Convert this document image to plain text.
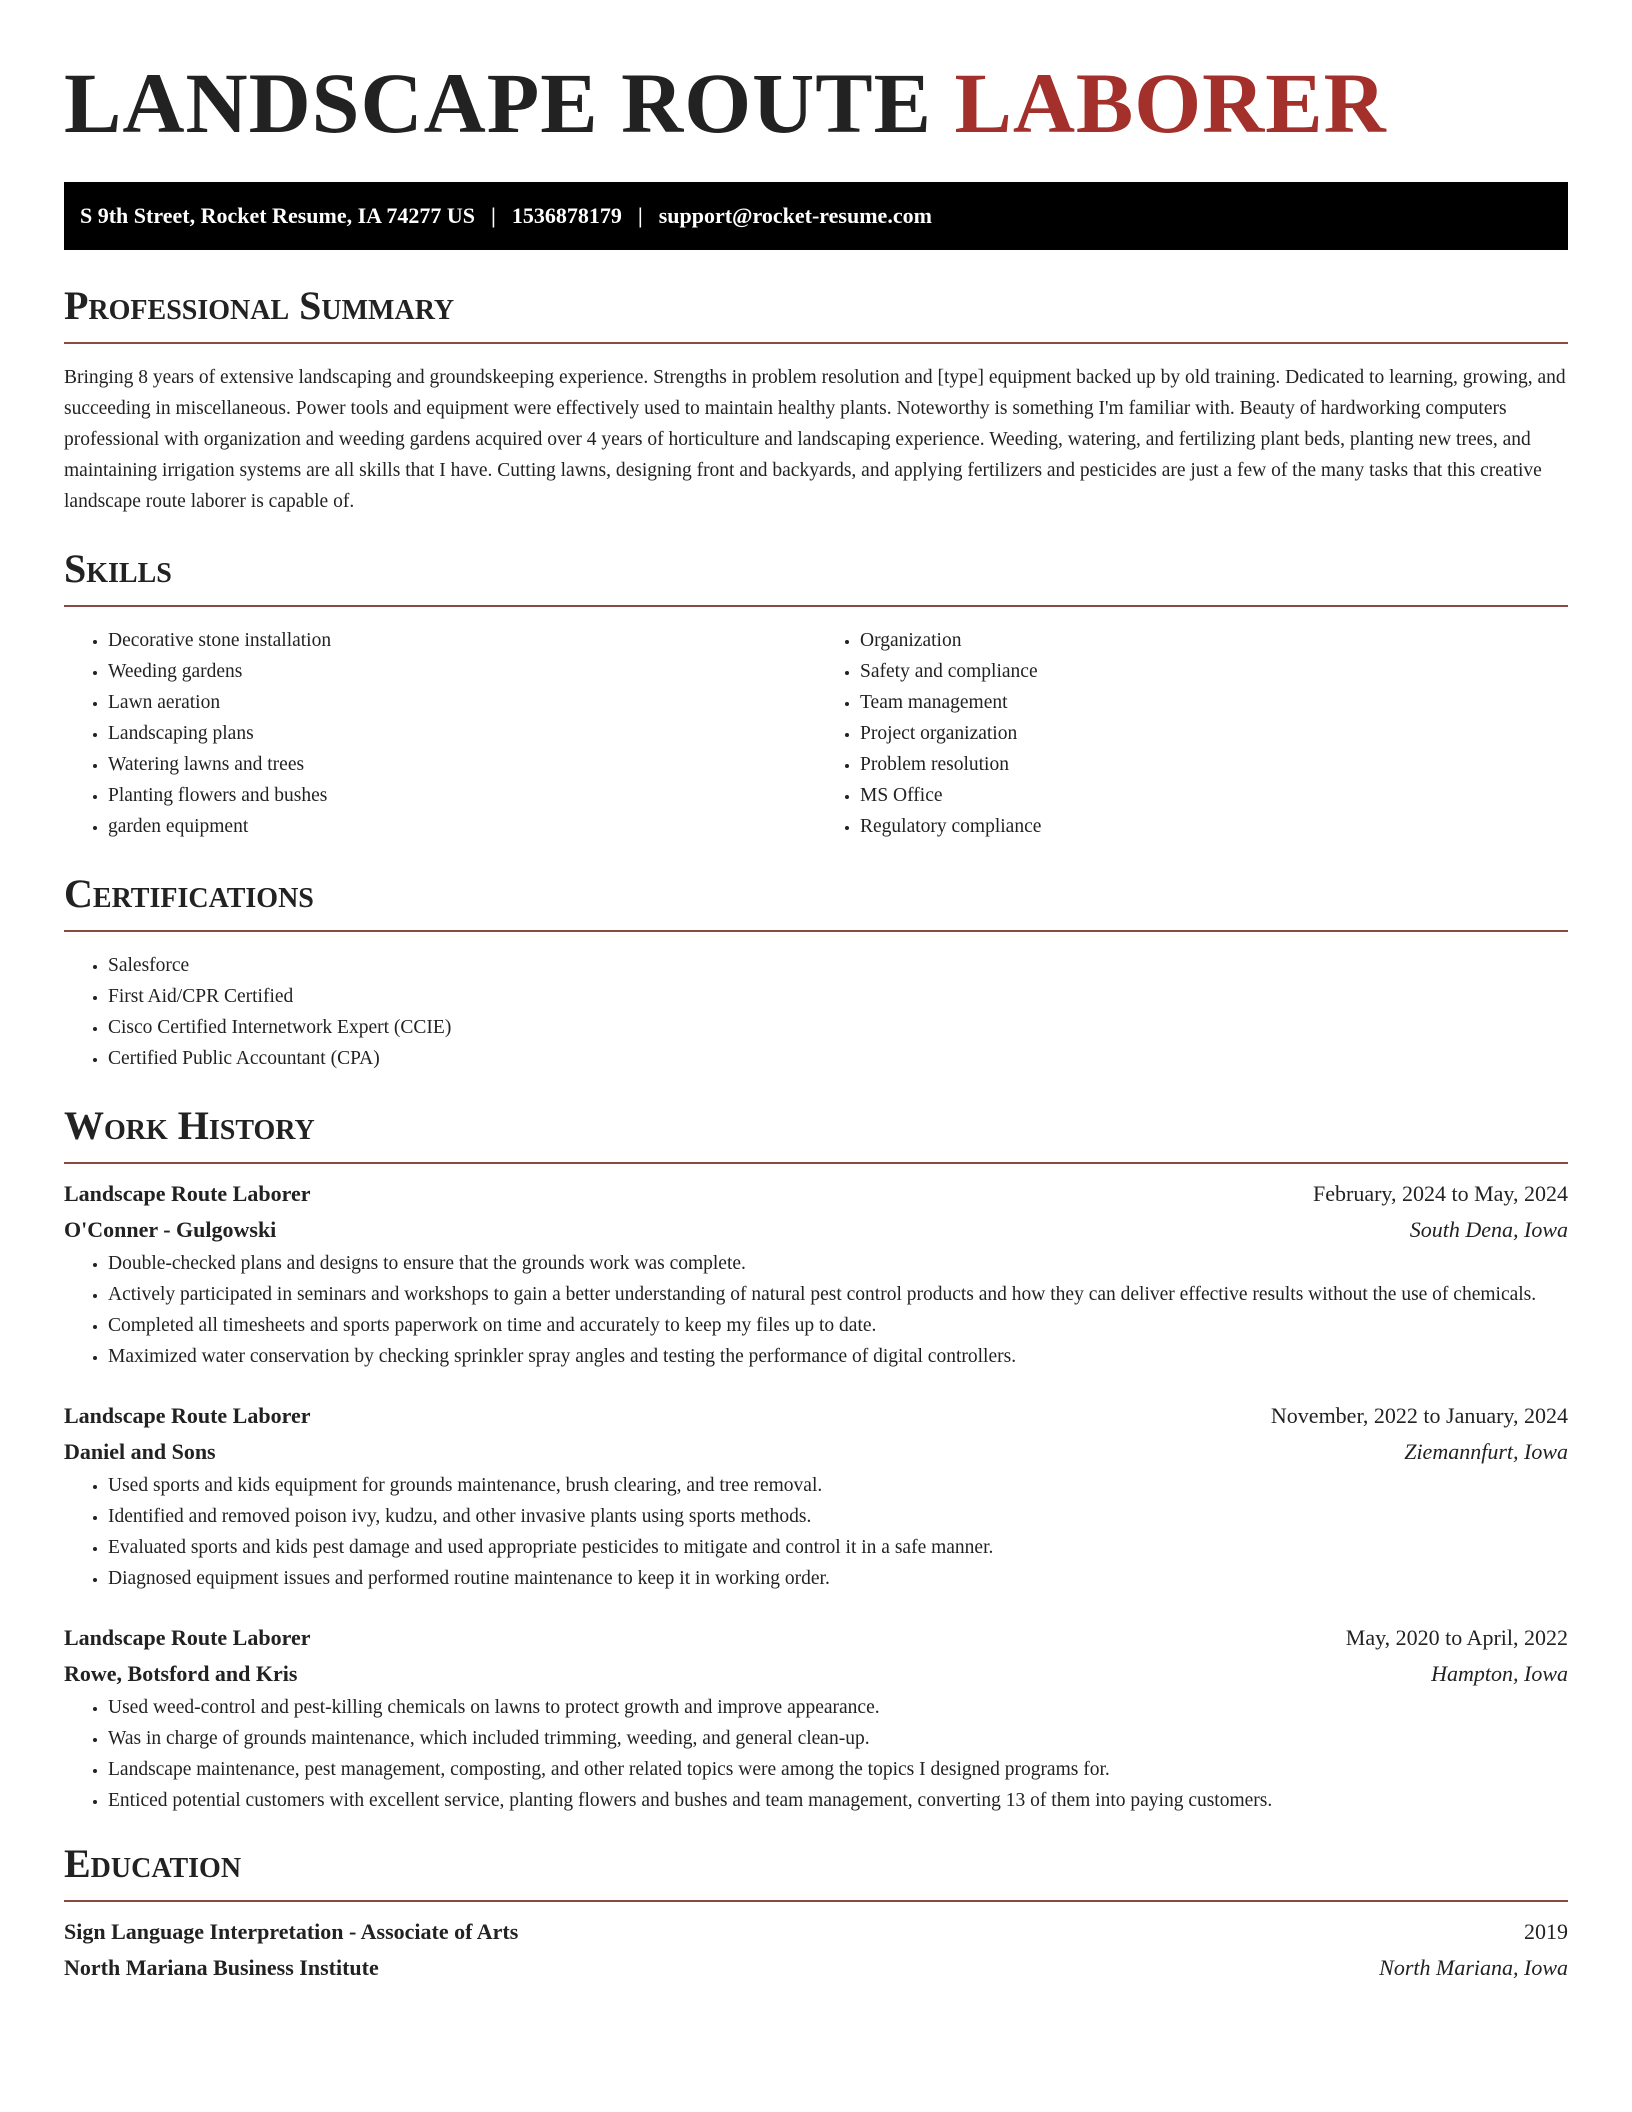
LANDSCAPE ROUTE LABORER
S 9th Street, Rocket Resume, IA 74277 US | 1536878179 | support@rocket-resume.com
Professional Summary

Bringing 8 years of extensive landscaping and groundskeeping experience. Strengths in problem resolution and [type] equipment backed up by old training. Dedicated to learning, growing, and succeeding in miscellaneous. Power tools and equipment were effectively used to maintain healthy plants. Noteworthy is something I'm familiar with. Beauty of hardworking computers professional with organization and weeding gardens acquired over 4 years of horticulture and landscaping experience. Weeding, watering, and fertilizing plant beds, planting new trees, and maintaining irrigation systems are all skills that I have. Cutting lawns, designing front and backyards, and applying fertilizers and pesticides are just a few of the many tasks that this creative landscape route laborer is capable of.

Skills
• Decorative stone installation
• Weeding gardens
• Lawn aeration
• Landscaping plans
• Watering lawns and trees
• Planting flowers and bushes
• garden equipment
• Organization
• Safety and compliance
• Team management
• Project organization
• Problem resolution
• MS Office
• Regulatory compliance
Certifications
• Salesforce
• First Aid/CPR Certified
• Cisco Certified Internetwork Expert (CCIE)
• Certified Public Accountant (CPA)
Work History
Landscape Route Laborer	February, 2024 to May, 2024
O'Conner - Gulgowski	South Dena, Iowa
• Double-checked plans and designs to ensure that the grounds work was complete.
• Actively participated in seminars and workshops to gain a better understanding of natural pest control products and how they can deliver effective results without the use of chemicals.
• Completed all timesheets and sports paperwork on time and accurately to keep my files up to date.
• Maximized water conservation by checking sprinkler spray angles and testing the performance of digital controllers.
Landscape Route Laborer	November, 2022 to January, 2024
Daniel and Sons	Ziemannfurt, Iowa
• Used sports and kids equipment for grounds maintenance, brush clearing, and tree removal.
• Identified and removed poison ivy, kudzu, and other invasive plants using sports methods.
• Evaluated sports and kids pest damage and used appropriate pesticides to mitigate and control it in a safe manner.
• Diagnosed equipment issues and performed routine maintenance to keep it in working order.
Landscape Route Laborer	May, 2020 to April, 2022
Rowe, Botsford and Kris	Hampton, Iowa
• Used weed-control and pest-killing chemicals on lawns to protect growth and improve appearance.
• Was in charge of grounds maintenance, which included trimming, weeding, and general clean-up.
• Landscape maintenance, pest management, composting, and other related topics were among the topics I designed programs for.
• Enticed potential customers with excellent service, planting flowers and bushes and team management, converting 13 of them into paying customers.
Education
Sign Language Interpretation - Associate of Arts	2019
North Mariana Business Institute	North Mariana, Iowa
